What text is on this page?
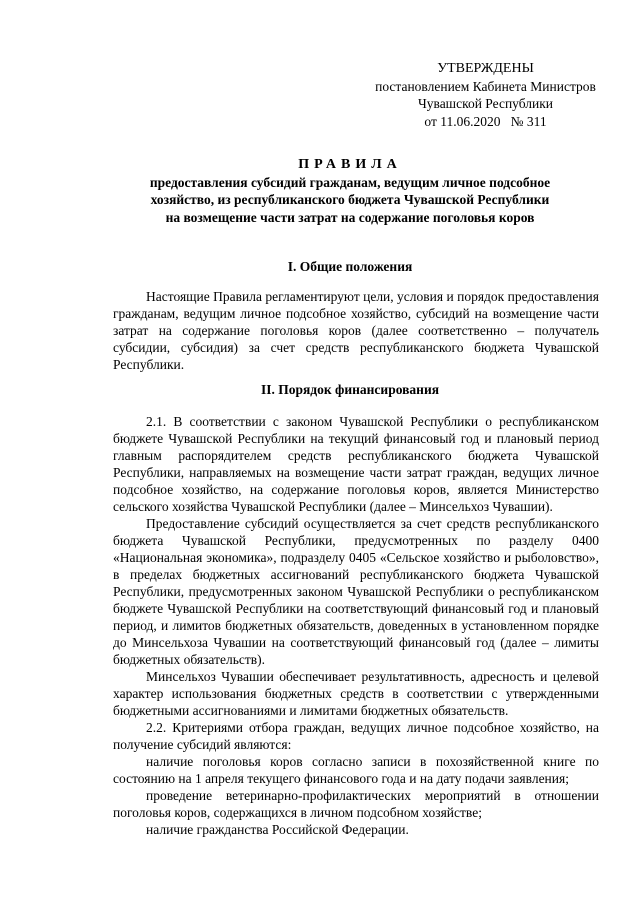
УТВЕРЖДЕНЫ
постановлением Кабинета Министров
Чувашской Республики
от 11.06.2020   № 311
ПРАВИЛА
предоставления субсидий гражданам, ведущим личное подсобное
хозяйство, из республиканского бюджета Чувашской Республики
на возмещение части затрат на содержание поголовья коров
I. Общие положения

Настоящие Правила регламентируют цели, условия и порядок предоставления гражданам, ведущим личное подсобное хозяйство, субсидий на возмещение части затрат на содержание поголовья коров (далее соответственно – получатель субсидии, субсидия) за счет средств республиканского бюджета Чувашской Республики.

II. Порядок финансирования

2.1. В соответствии с законом Чувашской Республики о республиканском бюджете Чувашской Республики на текущий финансовый год и плановый период главным распорядителем средств республиканского бюджета Чувашской Республики, направляемых на возмещение части затрат граждан, ведущих личное подсобное хозяйство, на содержание поголовья коров, является Министерство сельского хозяйства Чувашской Республики (далее – Минсельхоз Чувашии).

Предоставление субсидий осуществляется за счет средств республиканского бюджета Чувашской Республики, предусмотренных по разделу 0400 «Национальная экономика», подразделу 0405 «Сельское хозяйство и рыболовство», в пределах бюджетных ассигнований республиканского бюджета Чувашской Республики, предусмотренных законом Чувашской Республики о республиканском бюджете Чувашской Республики на соответствующий финансовый год и плановый период, и лимитов бюджетных обязательств, доведенных в установленном порядке до Минсельхоза Чувашии на соответствующий финансовый год (далее – лимиты бюджетных обязательств).

Минсельхоз Чувашии обеспечивает результативность, адресность и целевой характер использования бюджетных средств в соответствии с утвержденными бюджетными ассигнованиями и лимитами бюджетных обязательств.

2.2. Критериями отбора граждан, ведущих личное подсобное хозяйство, на получение субсидий являются:

наличие поголовья коров согласно записи в похозяйственной книге по состоянию на 1 апреля текущего финансового года и на дату подачи заявления;

проведение ветеринарно-профилактических мероприятий в отношении поголовья коров, содержащихся в личном подсобном хозяйстве;

наличие гражданства Российской Федерации.
